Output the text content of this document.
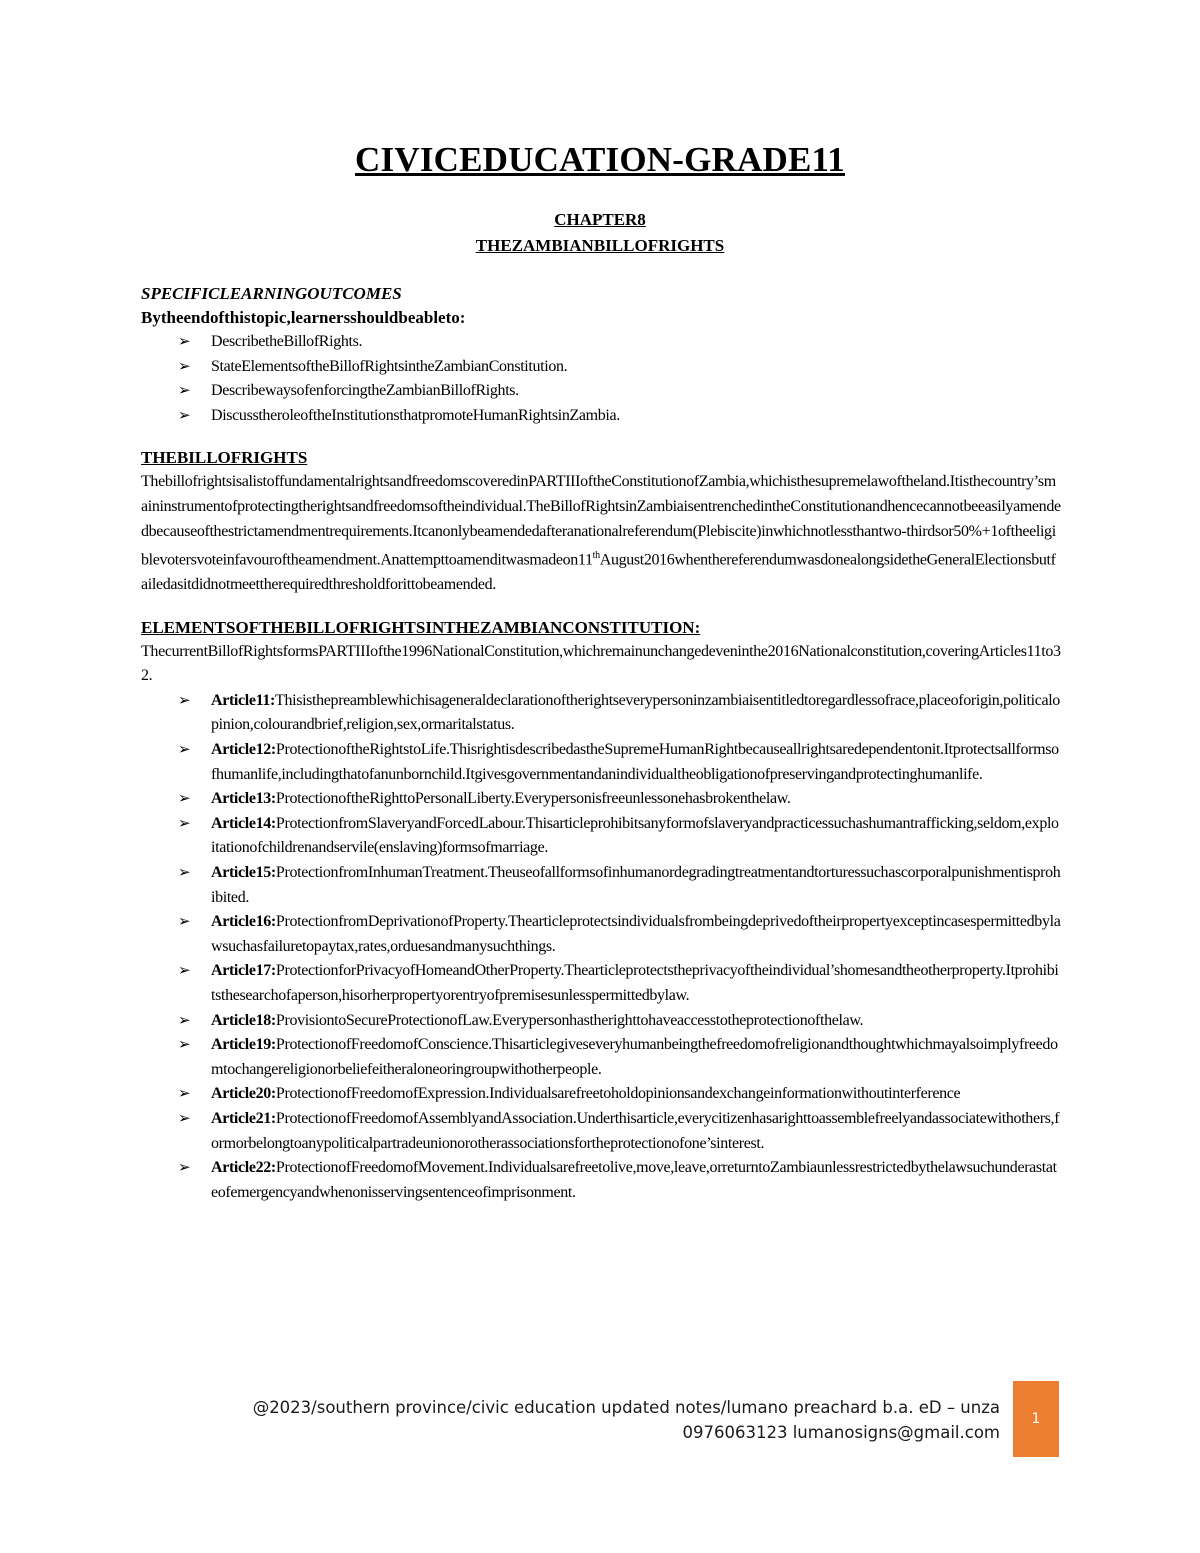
CIVICEDUCATION-GRADE11
CHAPTER8
THEZAMBIANBILLOFRIGHTS

SPECIFICLEARNINGOUTCOMES

Bytheendofthistopic,learnersshouldbeableto:

➢ DescribetheBillofRights.
➢ StateElementsoftheBillofRightsintheZambianConstitution.
➢ DescribewaysofenforcingtheZambianBillofRights.
➢ DiscusstheroleoftheInstitutionsthatpromoteHumanRightsinZambia.

THEBILLOFRIGHTS

ThebillofrightsisalistoffundamentalrightsandfreedomscoveredinPARTIIIoftheConstitutionofZambia,whichisthesupremelawoftheland.Itisthecountry’smaininstrumentofprotectingtherightsandfreedomsoftheindividual.TheBillofRightsinZambiaisentrenchedintheConstitutionandhencecannotbeeasilyamendedbecauseofthestrictamendmentrequirements.Itcanonlybeamendedafteranationalreferendum(Plebiscite)inwhichnotlessthantwo-thirdsor50%+1oftheeligiblevotersvoteinfavouroftheamendment.Anattempttoamenditwasmadeon11thAugust2016whenthereferendumwasdonealongsidetheGeneralElectionsbutfailedasitdidnotmeettherequiredthresholdforittobeamended.

ELEMENTSOFTHEBILLOFRIGHTSINTHEZAMBIANCONSTITUTION:

ThecurrentBillofRightsformsPARTIIIofthe1996NationalConstitution,whichremainunchangedeveninthe2016Nationalconstitution,coveringArticles11to32.

➢ Article11:Thisisthepreamblewhichisageneraldeclarationoftherightseverypersoninzambiaisentitledtoregardlessofrace,placeoforigin,politicalopinion,colourandbrief,religion,sex,ormaritalstatus.
➢ Article12:ProtectionoftheRightstoLife.ThisrightisdescribedastheSupremeHumanRightbecauseallrightsaredependentonit.Itprotectsallformsofhumanlife,includingthatofanunbornchild.Itgivesgovernmentandanindividualtheobligationofpreservingandprotectinghumanlife.
➢ Article13:ProtectionoftheRighttoPersonalLiberty.Everypersonisfreeunlessonehasbrokenthelaw.
➢ Article14:ProtectionfromSlaveryandForcedLabour.Thisarticleprohibitsanyformofslaveryandpracticessuchashumantrafficking,seldom,exploitationofchildrenandservile(enslaving)formsofmarriage.
➢ Article15:ProtectionfromInhumanTreatment.Theuseofallformsofinhumanordegradingtreatmentandtorturessuchascorporalpunishmentisprohibited.
➢ Article16:ProtectionfromDeprivationofProperty.Thearticleprotectsindividualsfrombeingdeprivedoftheirpropertyexceptincasespermittedbylawsuchasfailuretopaytax,rates,orduesandmanysuchthings.
➢ Article17:ProtectionforPrivacyofHomeandOtherProperty.Thearticleprotectstheprivacyoftheindividual’shomesandtheotherproperty.Itprohibitsthesearchofaperson,hisorherpropertyorentryofpremisesunlesspermittedbylaw.
➢ Article18:ProvisiontoSecureProtectionofLaw.Everypersonhastherighttohaveaccesstotheprotectionofthelaw.
➢ Article19:ProtectionofFreedomofConscience.Thisarticlegiveseveryhumanbeingthefreedomofreligionandthoughtwhichmayalsoimplyfreedomtochangereligionorbeliefeitheraloneoringroupwithotherpeople.
➢ Article20:ProtectionofFreedomofExpression.Individualsarefreetoholdopinionsandexchangeinformationwithoutinterference
➢ Article21:ProtectionofFreedomofAssemblyandAssociation.Underthisarticle,everycitizenhasarighttoassemblefreelyandassociatewithothers,formorbelongtoanypoliticalpartradeunionorotherassociationsfortheprotectionofone’sinterest.
➢ Article22:ProtectionofFreedomofMovement.Individualsarefreetolive,move,leave,orreturntoZambiaunlessrestrictedbythelawsuchunderastateofemergencyandwhenonisservingsentenceofimprisonment.
@2023/southern province/civic education updated notes/lumano preachard b.a. eD – unza
0976063123 lumanosigns@gmail.com
1
